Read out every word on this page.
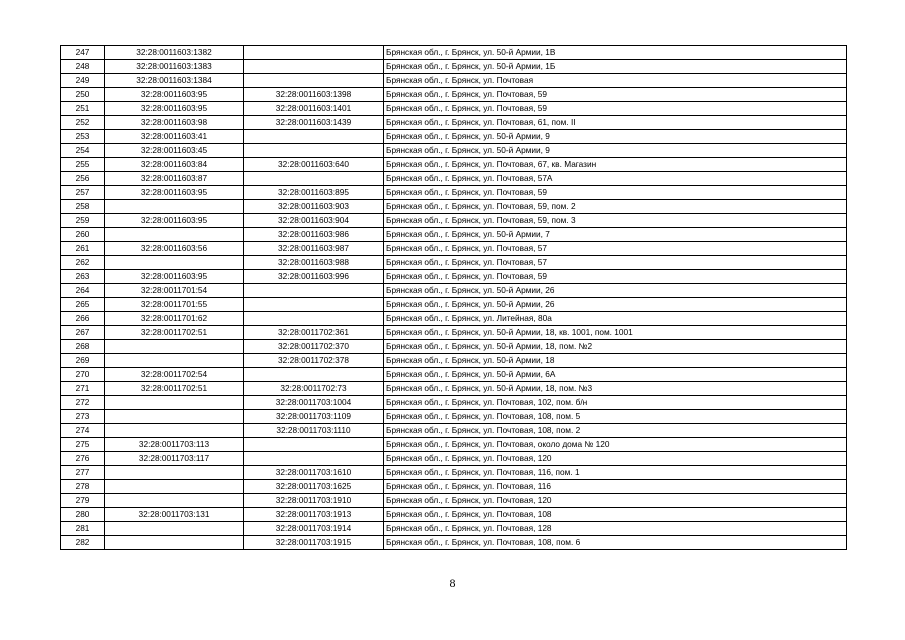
247	32:28:0011603:1382		Брянская обл., г. Брянск, ул. 50-й Армии, 1В
248	32:28:0011603:1383		Брянская обл., г. Брянск, ул. 50-й Армии, 1Б
249	32:28:0011603:1384		Брянская обл., г. Брянск, ул. Почтовая
250	32:28:0011603:95	32:28:0011603:1398	Брянская обл., г. Брянск, ул. Почтовая, 59
251	32:28:0011603:95	32:28:0011603:1401	Брянская обл., г. Брянск, ул. Почтовая, 59
252	32:28:0011603:98	32:28:0011603:1439	Брянская обл., г. Брянск, ул. Почтовая, 61, пом. II
253	32:28:0011603:41		Брянская обл., г. Брянск, ул. 50-й Армии, 9
254	32:28:0011603:45		Брянская обл., г. Брянск, ул. 50-й Армии, 9
255	32:28:0011603:84	32:28:0011603:640	Брянская обл., г. Брянск, ул. Почтовая, 67, кв. Магазин
256	32:28:0011603:87		Брянская обл., г. Брянск, ул. Почтовая, 57А
257	32:28:0011603:95	32:28:0011603:895	Брянская обл., г. Брянск, ул. Почтовая, 59
258		32:28:0011603:903	Брянская обл., г. Брянск, ул. Почтовая, 59, пом. 2
259	32:28:0011603:95	32:28:0011603:904	Брянская обл., г. Брянск, ул. Почтовая, 59, пом. 3
260		32:28:0011603:986	Брянская обл., г. Брянск, ул. 50-й Армии, 7
261	32:28:0011603:56	32:28:0011603:987	Брянская обл., г. Брянск, ул. Почтовая, 57
262		32:28:0011603:988	Брянская обл., г. Брянск, ул. Почтовая, 57
263	32:28:0011603:95	32:28:0011603:996	Брянская обл., г. Брянск, ул. Почтовая, 59
264	32:28:0011701:54		Брянская обл., г. Брянск, ул. 50-й Армии, 26
265	32:28:0011701:55		Брянская обл., г. Брянск, ул. 50-й Армии, 26
266	32:28:0011701:62		Брянская обл., г. Брянск, ул. Литейная, 80а
267	32:28:0011702:51	32:28:0011702:361	Брянская обл., г. Брянск, ул. 50-й Армии, 18, кв. 1001, пом. 1001
268		32:28:0011702:370	Брянская обл., г. Брянск, ул. 50-й Армии, 18, пом. №2
269		32:28:0011702:378	Брянская обл., г. Брянск, ул. 50-й Армии, 18
270	32:28:0011702:54		Брянская обл., г. Брянск, ул. 50-й Армии, 6А
271	32:28:0011702:51	32:28:0011702:73	Брянская обл., г. Брянск, ул. 50-й Армии, 18, пом. №3
272		32:28:0011703:1004	Брянская обл., г. Брянск, ул. Почтовая, 102, пом. б/н
273		32:28:0011703:1109	Брянская обл., г. Брянск, ул. Почтовая, 108, пом. 5
274		32:28:0011703:1110	Брянская обл., г. Брянск, ул. Почтовая, 108, пом. 2
275	32:28:0011703:113		Брянская обл., г. Брянск, ул. Почтовая, около дома № 120
276	32:28:0011703:117		Брянская обл., г. Брянск, ул. Почтовая, 120
277		32:28:0011703:1610	Брянская обл., г. Брянск, ул. Почтовая, 116, пом. 1
278		32:28:0011703:1625	Брянская обл., г. Брянск, ул. Почтовая, 116
279		32:28:0011703:1910	Брянская обл., г. Брянск, ул. Почтовая, 120
280	32:28:0011703:131	32:28:0011703:1913	Брянская обл., г. Брянск, ул. Почтовая, 108
281		32:28:0011703:1914	Брянская обл., г. Брянск, ул. Почтовая, 128
282		32:28:0011703:1915	Брянская обл., г. Брянск, ул. Почтовая, 108, пом. 6
8
